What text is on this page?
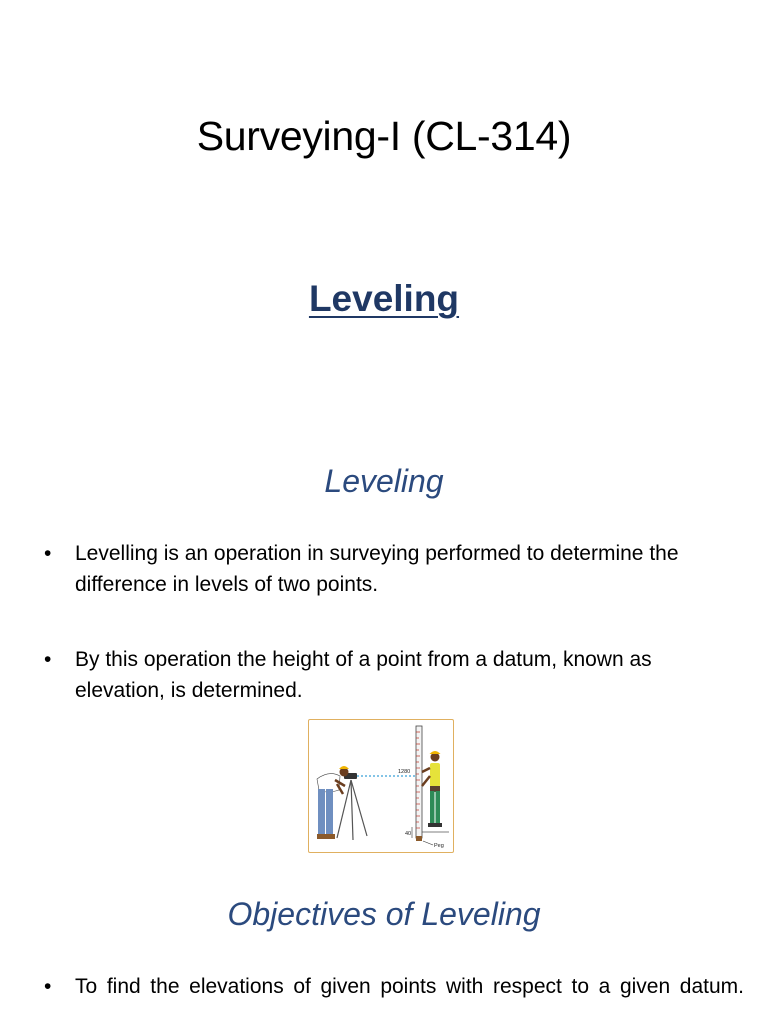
Surveying-I (CL-314)
Leveling
Leveling
•	Levelling is an operation in surveying performed to determine the difference in levels of two points.
•	By this operation the height of a point from a datum, known as elevation, is determined.
1280
40
Peg
Objectives of Leveling
•	To find the elevations of given points with respect to a given datum.
